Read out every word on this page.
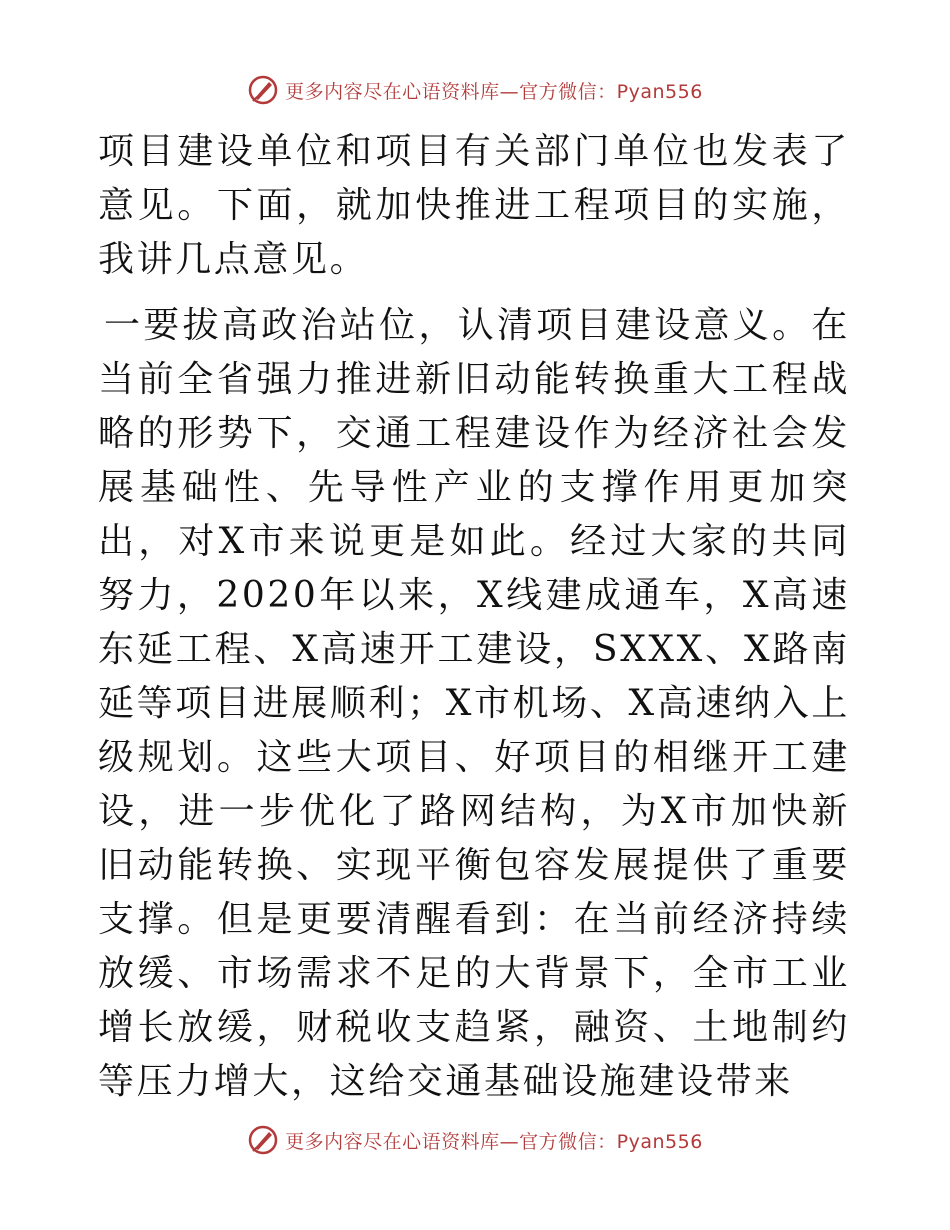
更多内容尽在心语资料库—官方微信：Pyan556

项目建设单位和项目有关部门单位也发表了意见。下面，就加快推进工程项目的实施，我讲几点意见。

一要拔高政治站位，认清项目建设意义。在当前全省强力推进新旧动能转换重大工程战略的形势下，交通工程建设作为经济社会发展基础性、先导性产业的支撑作用更加突出，对X市来说更是如此。经过大家的共同努力，2020年以来，X线建成通车，X高速东延工程、X高速开工建设，SXXX、X路南延等项目进展顺利；X市机场、X高速纳入上级规划。这些大项目、好项目的相继开工建设，进一步优化了路网结构，为X市加快新旧动能转换、实现平衡包容发展提供了重要支撑。但是更要清醒看到：在当前经济持续放缓、市场需求不足的大背景下，全市工业增长放缓，财税收支趋紧，融资、土地制约等压力增大，这给交通基础设施建设带来

更多内容尽在心语资料库—官方微信：Pyan556
